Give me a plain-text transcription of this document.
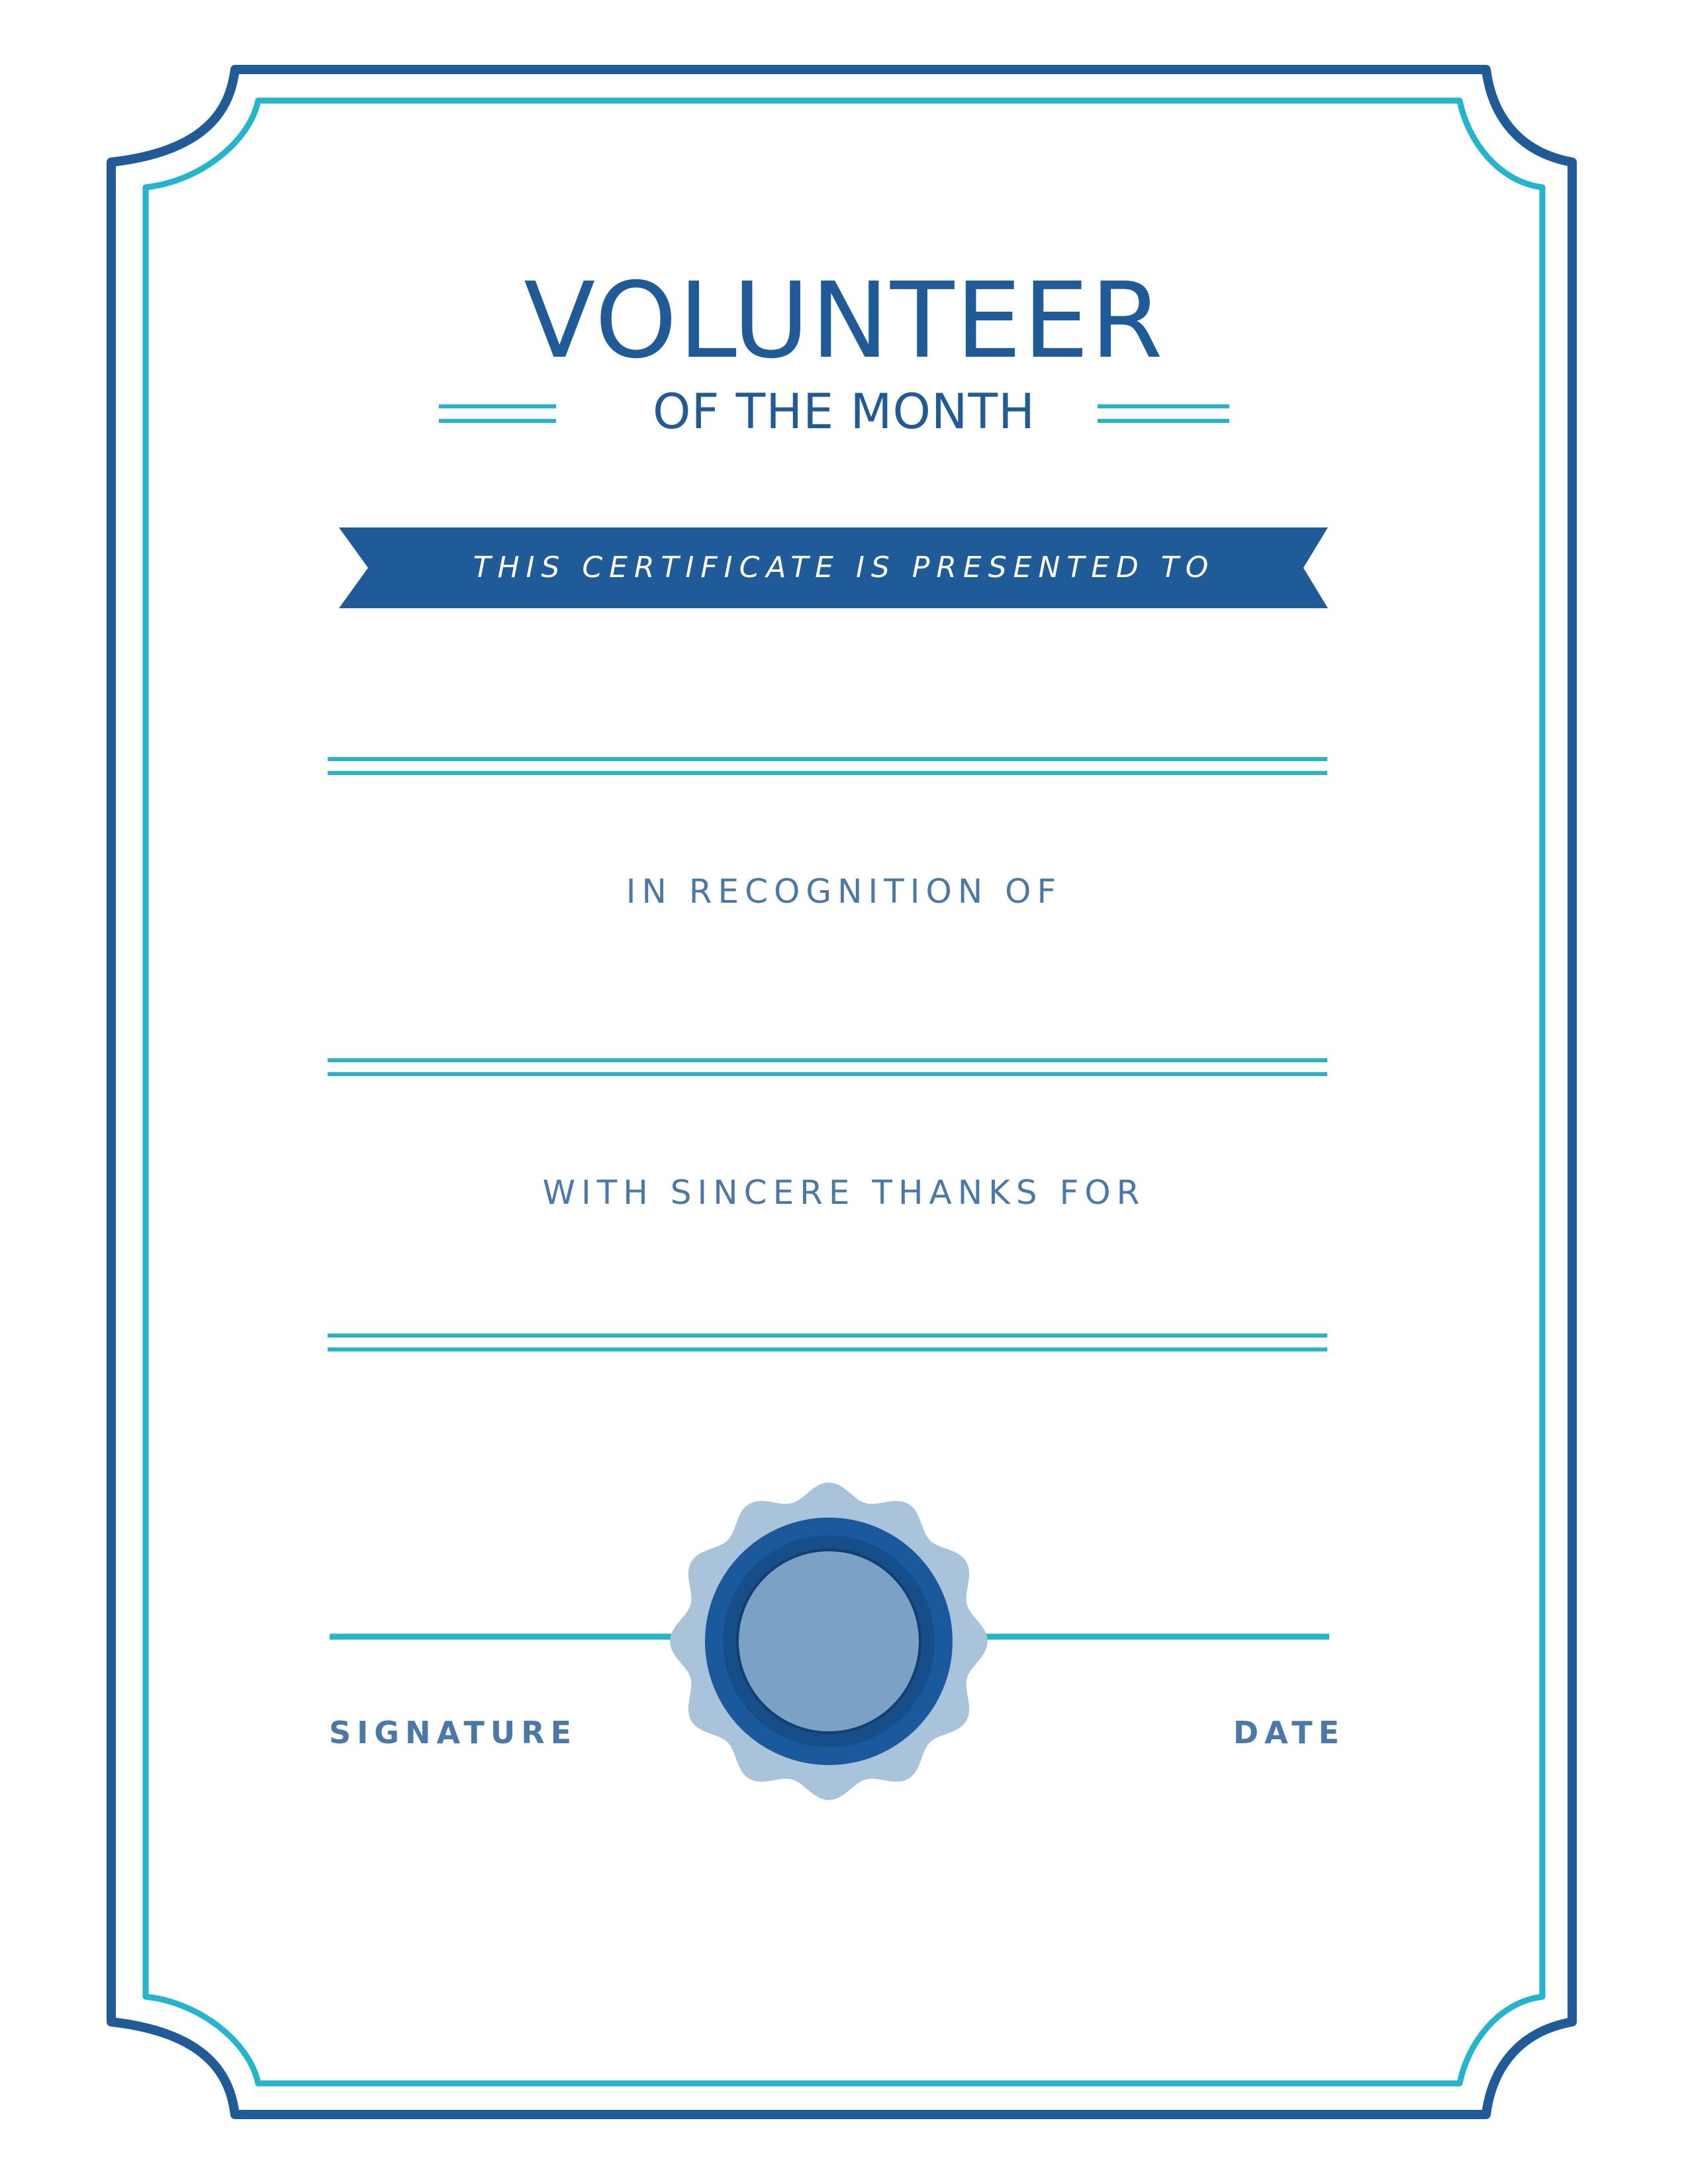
VOLUNTEER
OF THE MONTH
THIS CERTIFICATE IS PRESENTED TO
IN RECOGNITION OF
WITH SINCERE THANKS FOR
SIGNATURE	DATE
